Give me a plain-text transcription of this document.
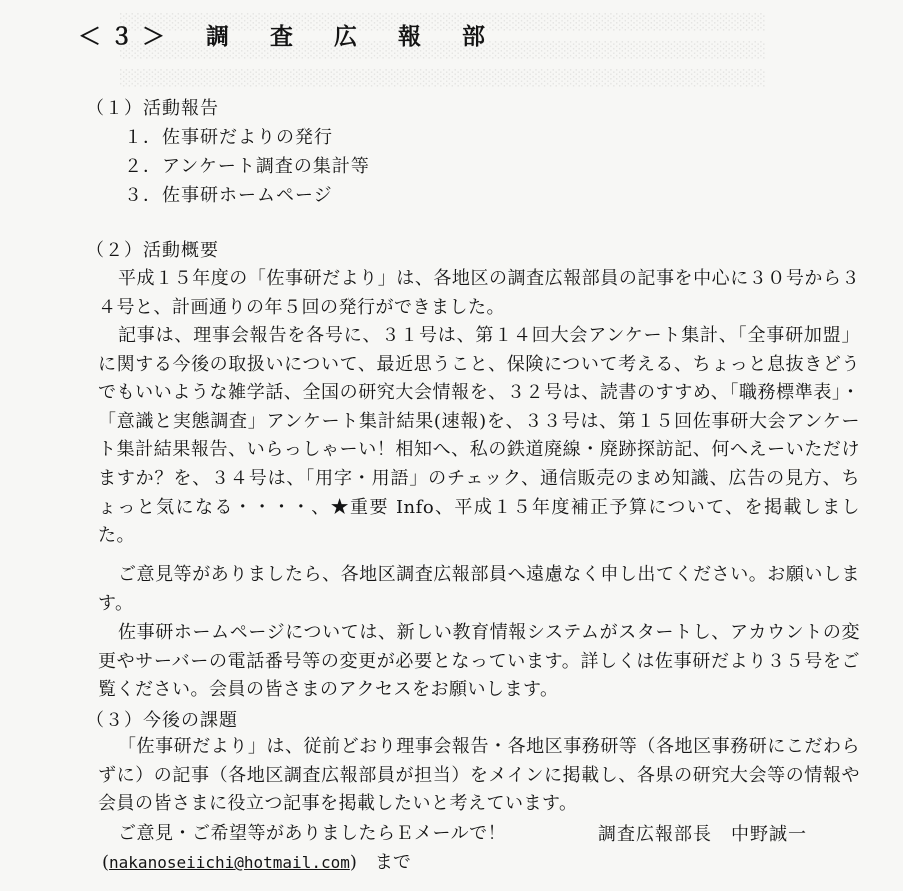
░░░░░░░░░░░░░░░░░░░░░░░░░░░░░░░░░░░░░░░░░░░░░░░░░░░░░░░░
░░░░░░░░░░░░░░░░░░░░░░░░░░░░░░░░░░░░░░░░░░░░░░░░░░░░░░░░
░░░░░░░░░░░░░░░░░░░░░░░░░░░░░░░░░░░░░░░░░░░░░░░░░░░░░░░░
＜３＞　調　査　広　報　部
（１）活動報告
１．佐事研だよりの発行
２．アンケート調査の集計等
３．佐事研ホームページ
（２）活動概要
平成１５年度の「佐事研だより」は、各地区の調査広報部員の記事を中心に３０号から３４号と、計画通りの年５回の発行ができました。
記事は、理事会報告を各号に、３１号は、第１４回大会アンケート集計、「全事研加盟」に関する今後の取扱いについて、最近思うこと、保険について考える、ちょっと息抜きどうでもいいような雑学話、全国の研究大会情報を、３２号は、読書のすすめ、「職務標準表」・「意識と実態調査」アンケート集計結果(速報)を、３３号は、第１５回佐事研大会アンケート集計結果報告、いらっしゃーい！相知へ、私の鉄道廃線・廃跡探訪記、何へえーいただけますか？を、３４号は、「用字・用語」のチェック、通信販売のまめ知識、広告の見方、ちょっと気になる・・・・、★重要 Info、平成１５年度補正予算について、を掲載しました。
ご意見等がありましたら、各地区調査広報部員へ遠慮なく申し出てください。お願いします。
佐事研ホームページについては、新しい教育情報システムがスタートし、アカウントの変更やサーバーの電話番号等の変更が必要となっています。詳しくは佐事研だより３５号をご覧ください。会員の皆さまのアクセスをお願いします。
（３）今後の課題
「佐事研だより」は、従前どおり理事会報告・各地区事務研等（各地区事務研にこだわらずに）の記事（各地区調査広報部員が担当）をメインに掲載し、各県の研究大会等の情報や会員の皆さまに役立つ記事を掲載したいと考えています。
ご意見・ご希望等がありましたらＥメールで！	調査広報部長　中野誠一
(nakanoseiichi@hotmail.com)　まで
